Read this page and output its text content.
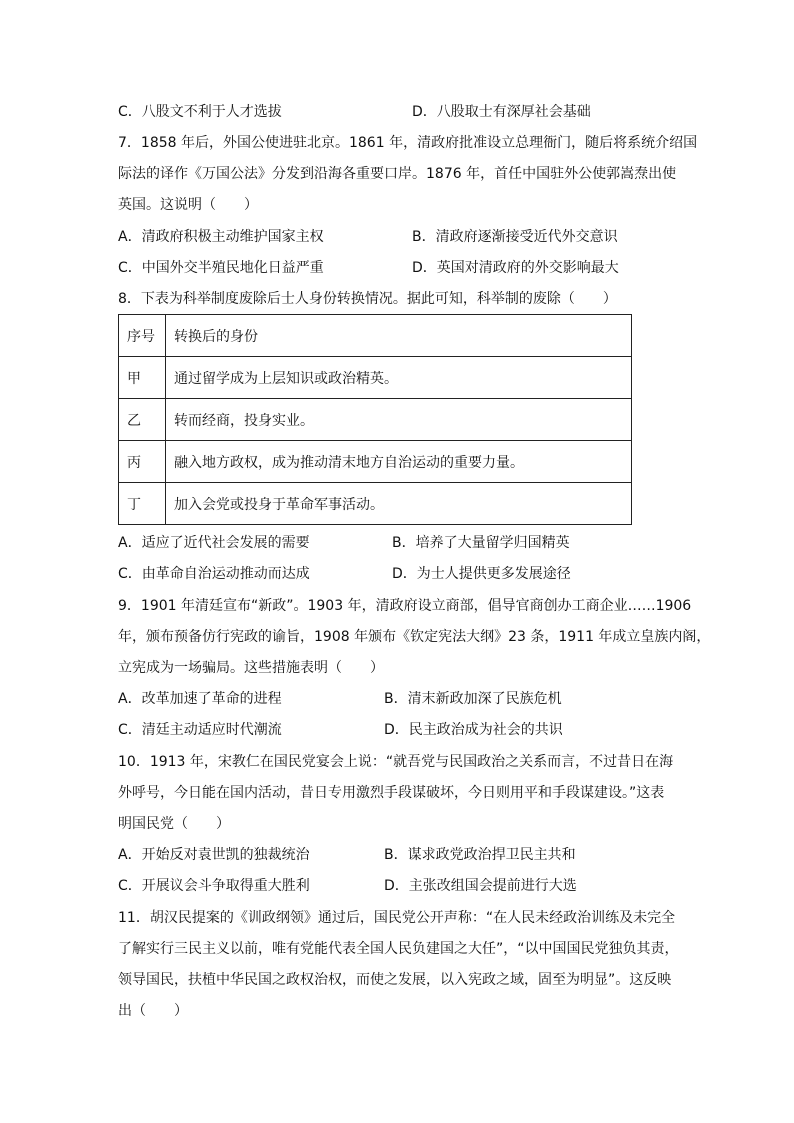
C．八股文不利于人才选拔	D．八股取士有深厚社会基础
7．1858 年后，外国公使进驻北京。1861 年，清政府批准设立总理衙门，随后将系统介绍国
际法的译作《万国公法》分发到沿海各重要口岸。1876 年，首任中国驻外公使郭嵩焘出使
英国。这说明（　　）
A．清政府积极主动维护国家主权	B．清政府逐渐接受近代外交意识
C．中国外交半殖民地化日益严重	D．英国对清政府的外交影响最大
8．下表为科举制度废除后士人身份转换情况。据此可知，科举制的废除（　　）
序号	转换后的身份
甲	通过留学成为上层知识或政治精英。
乙	转而经商，投身实业。
丙	融入地方政权，成为推动清末地方自治运动的重要力量。
丁	加入会党或投身于革命军事活动。
A．适应了近代社会发展的需要	B．培养了大量留学归国精英
C．由革命自治运动推动而达成	D．为士人提供更多发展途径
9．1901 年清廷宣布“新政”。1903 年，清政府设立商部，倡导官商创办工商企业……1906
年，颁布预备仿行宪政的谕旨，1908 年颁布《钦定宪法大纲》23 条，1911 年成立皇族内阁，
立宪成为一场骗局。这些措施表明（　　）
A．改革加速了革命的进程	B．清末新政加深了民族危机
C．清廷主动适应时代潮流	D．民主政治成为社会的共识
10．1913 年，宋教仁在国民党宴会上说：“就吾党与民国政治之关系而言，不过昔日在海
外呼号，今日能在国内活动，昔日专用激烈手段谋破坏，今日则用平和手段谋建设。”这表
明国民党（　　）
A．开始反对袁世凯的独裁统治	B．谋求政党政治捍卫民主共和
C．开展议会斗争取得重大胜利	D．主张改组国会提前进行大选
11．胡汉民提案的《训政纲领》通过后，国民党公开声称：“在人民未经政治训练及未完全
了解实行三民主义以前，唯有党能代表全国人民负建国之大任”，“以中国国民党独负其责，
领导国民，扶植中华民国之政权治权，而使之发展，以入宪政之域，固至为明显”。这反映
出（　　）
